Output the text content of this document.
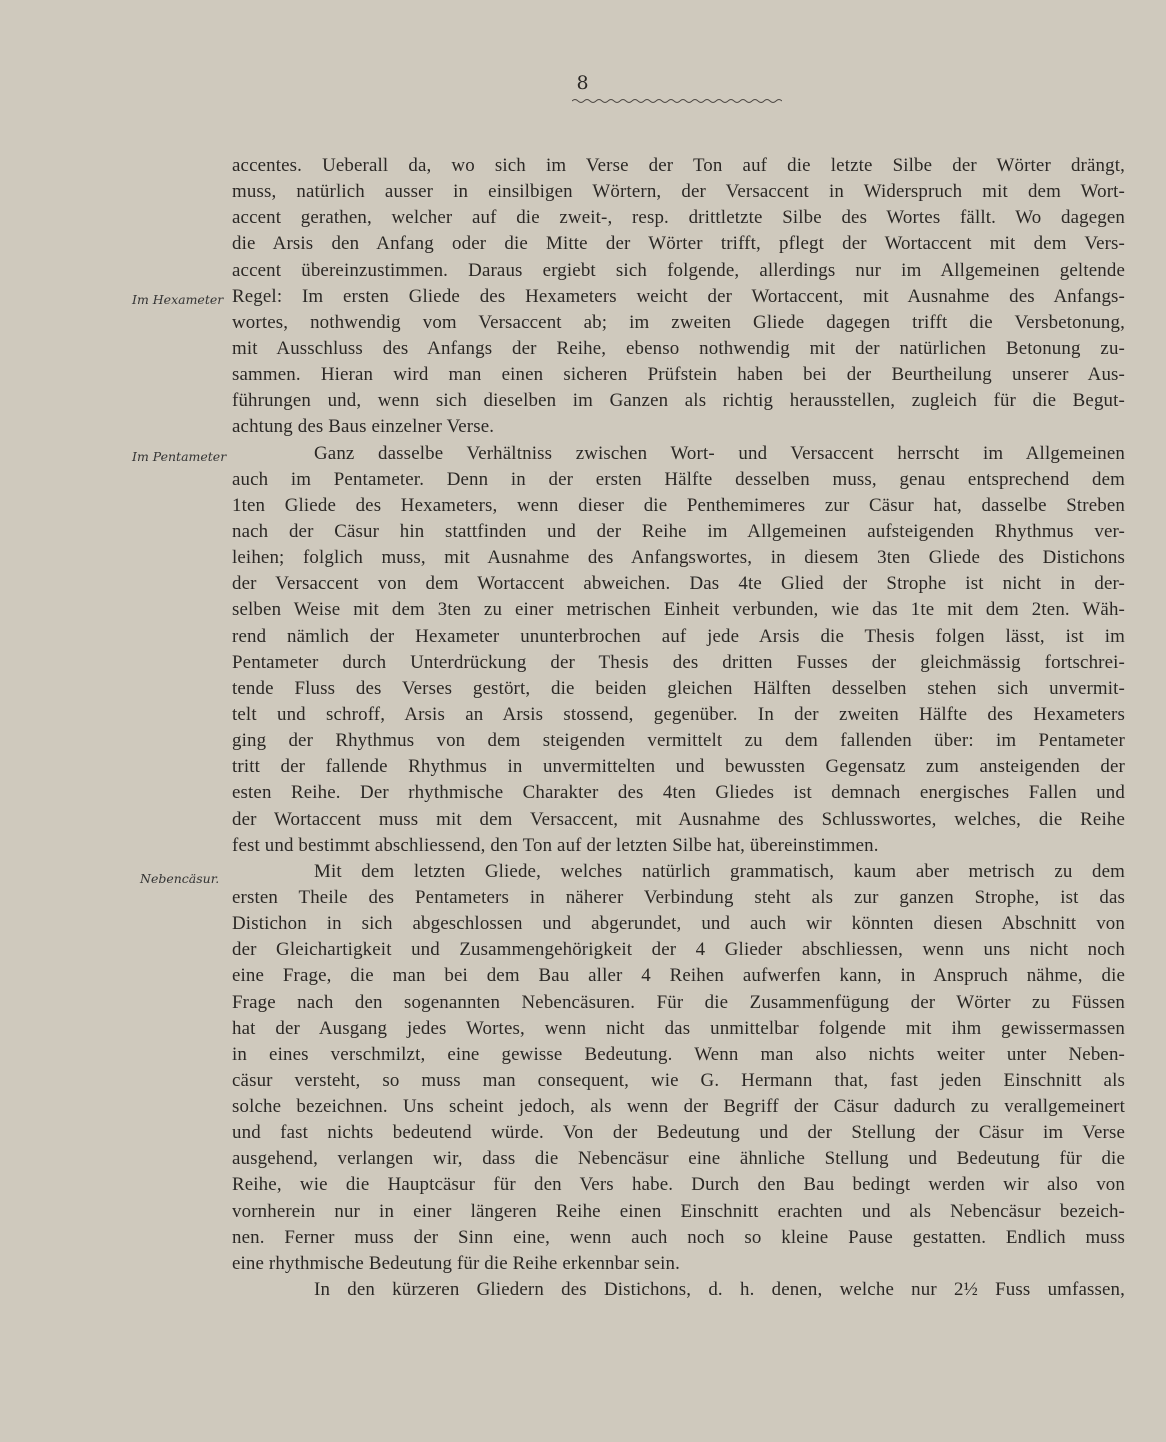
8
Im Hexameter
Im Pentameter
Nebencäsur.
accentes. Ueberall da, wo sich im Verse der Ton auf die letzte Silbe der Wörter drängt,
muss, natürlich ausser in einsilbigen Wörtern, der Versaccent in Widerspruch mit dem Wort-
accent gerathen, welcher auf die zweit-, resp. drittletzte Silbe des Wortes fällt. Wo dagegen
die Arsis den Anfang oder die Mitte der Wörter trifft, pflegt der Wortaccent mit dem Vers-
accent übereinzustimmen. Daraus ergiebt sich folgende, allerdings nur im Allgemeinen geltende
Regel: Im ersten Gliede des Hexameters weicht der Wortaccent, mit Ausnahme des Anfangs-
wortes, nothwendig vom Versaccent ab; im zweiten Gliede dagegen trifft die Versbetonung,
mit Ausschluss des Anfangs der Reihe, ebenso nothwendig mit der natürlichen Betonung zu-
sammen. Hieran wird man einen sicheren Prüfstein haben bei der Beurtheilung unserer Aus-
führungen und, wenn sich dieselben im Ganzen als richtig herausstellen, zugleich für die Begut-
achtung des Baus einzelner Verse.
Ganz dasselbe Verhältniss zwischen Wort- und Versaccent herrscht im Allgemeinen
auch im Pentameter. Denn in der ersten Hälfte desselben muss, genau entsprechend dem
1ten Gliede des Hexameters, wenn dieser die Penthemimeres zur Cäsur hat, dasselbe Streben
nach der Cäsur hin stattfinden und der Reihe im Allgemeinen aufsteigenden Rhythmus ver-
leihen; folglich muss, mit Ausnahme des Anfangswortes, in diesem 3ten Gliede des Distichons
der Versaccent von dem Wortaccent abweichen. Das 4te Glied der Strophe ist nicht in der-
selben Weise mit dem 3ten zu einer metrischen Einheit verbunden, wie das 1te mit dem 2ten. Wäh-
rend nämlich der Hexameter ununterbrochen auf jede Arsis die Thesis folgen lässt, ist im
Pentameter durch Unterdrückung der Thesis des dritten Fusses der gleichmässig fortschrei-
tende Fluss des Verses gestört, die beiden gleichen Hälften desselben stehen sich unvermit-
telt und schroff, Arsis an Arsis stossend, gegenüber. In der zweiten Hälfte des Hexameters
ging der Rhythmus von dem steigenden vermittelt zu dem fallenden über: im Pentameter
tritt der fallende Rhythmus in unvermittelten und bewussten Gegensatz zum ansteigenden der
esten Reihe. Der rhythmische Charakter des 4ten Gliedes ist demnach energisches Fallen und
der Wortaccent muss mit dem Versaccent, mit Ausnahme des Schlusswortes, welches, die Reihe
fest und bestimmt abschliessend, den Ton auf der letzten Silbe hat, übereinstimmen.
Mit dem letzten Gliede, welches natürlich grammatisch, kaum aber metrisch zu dem
ersten Theile des Pentameters in näherer Verbindung steht als zur ganzen Strophe, ist das
Distichon in sich abgeschlossen und abgerundet, und auch wir könnten diesen Abschnitt von
der Gleichartigkeit und Zusammengehörigkeit der 4 Glieder abschliessen, wenn uns nicht noch
eine Frage, die man bei dem Bau aller 4 Reihen aufwerfen kann, in Anspruch nähme, die
Frage nach den sogenannten Nebencäsuren. Für die Zusammenfügung der Wörter zu Füssen
hat der Ausgang jedes Wortes, wenn nicht das unmittelbar folgende mit ihm gewissermassen
in eines verschmilzt, eine gewisse Bedeutung. Wenn man also nichts weiter unter Neben-
cäsur versteht, so muss man consequent, wie G. Hermann that, fast jeden Einschnitt als
solche bezeichnen. Uns scheint jedoch, als wenn der Begriff der Cäsur dadurch zu verallgemeinert
und fast nichts bedeutend würde. Von der Bedeutung und der Stellung der Cäsur im Verse
ausgehend, verlangen wir, dass die Nebencäsur eine ähnliche Stellung und Bedeutung für die
Reihe, wie die Hauptcäsur für den Vers habe. Durch den Bau bedingt werden wir also von
vornherein nur in einer längeren Reihe einen Einschnitt erachten und als Nebencäsur bezeich-
nen. Ferner muss der Sinn eine, wenn auch noch so kleine Pause gestatten. Endlich muss
eine rhythmische Bedeutung für die Reihe erkennbar sein.
In den kürzeren Gliedern des Distichons, d. h. denen, welche nur 2½ Fuss umfassen,
